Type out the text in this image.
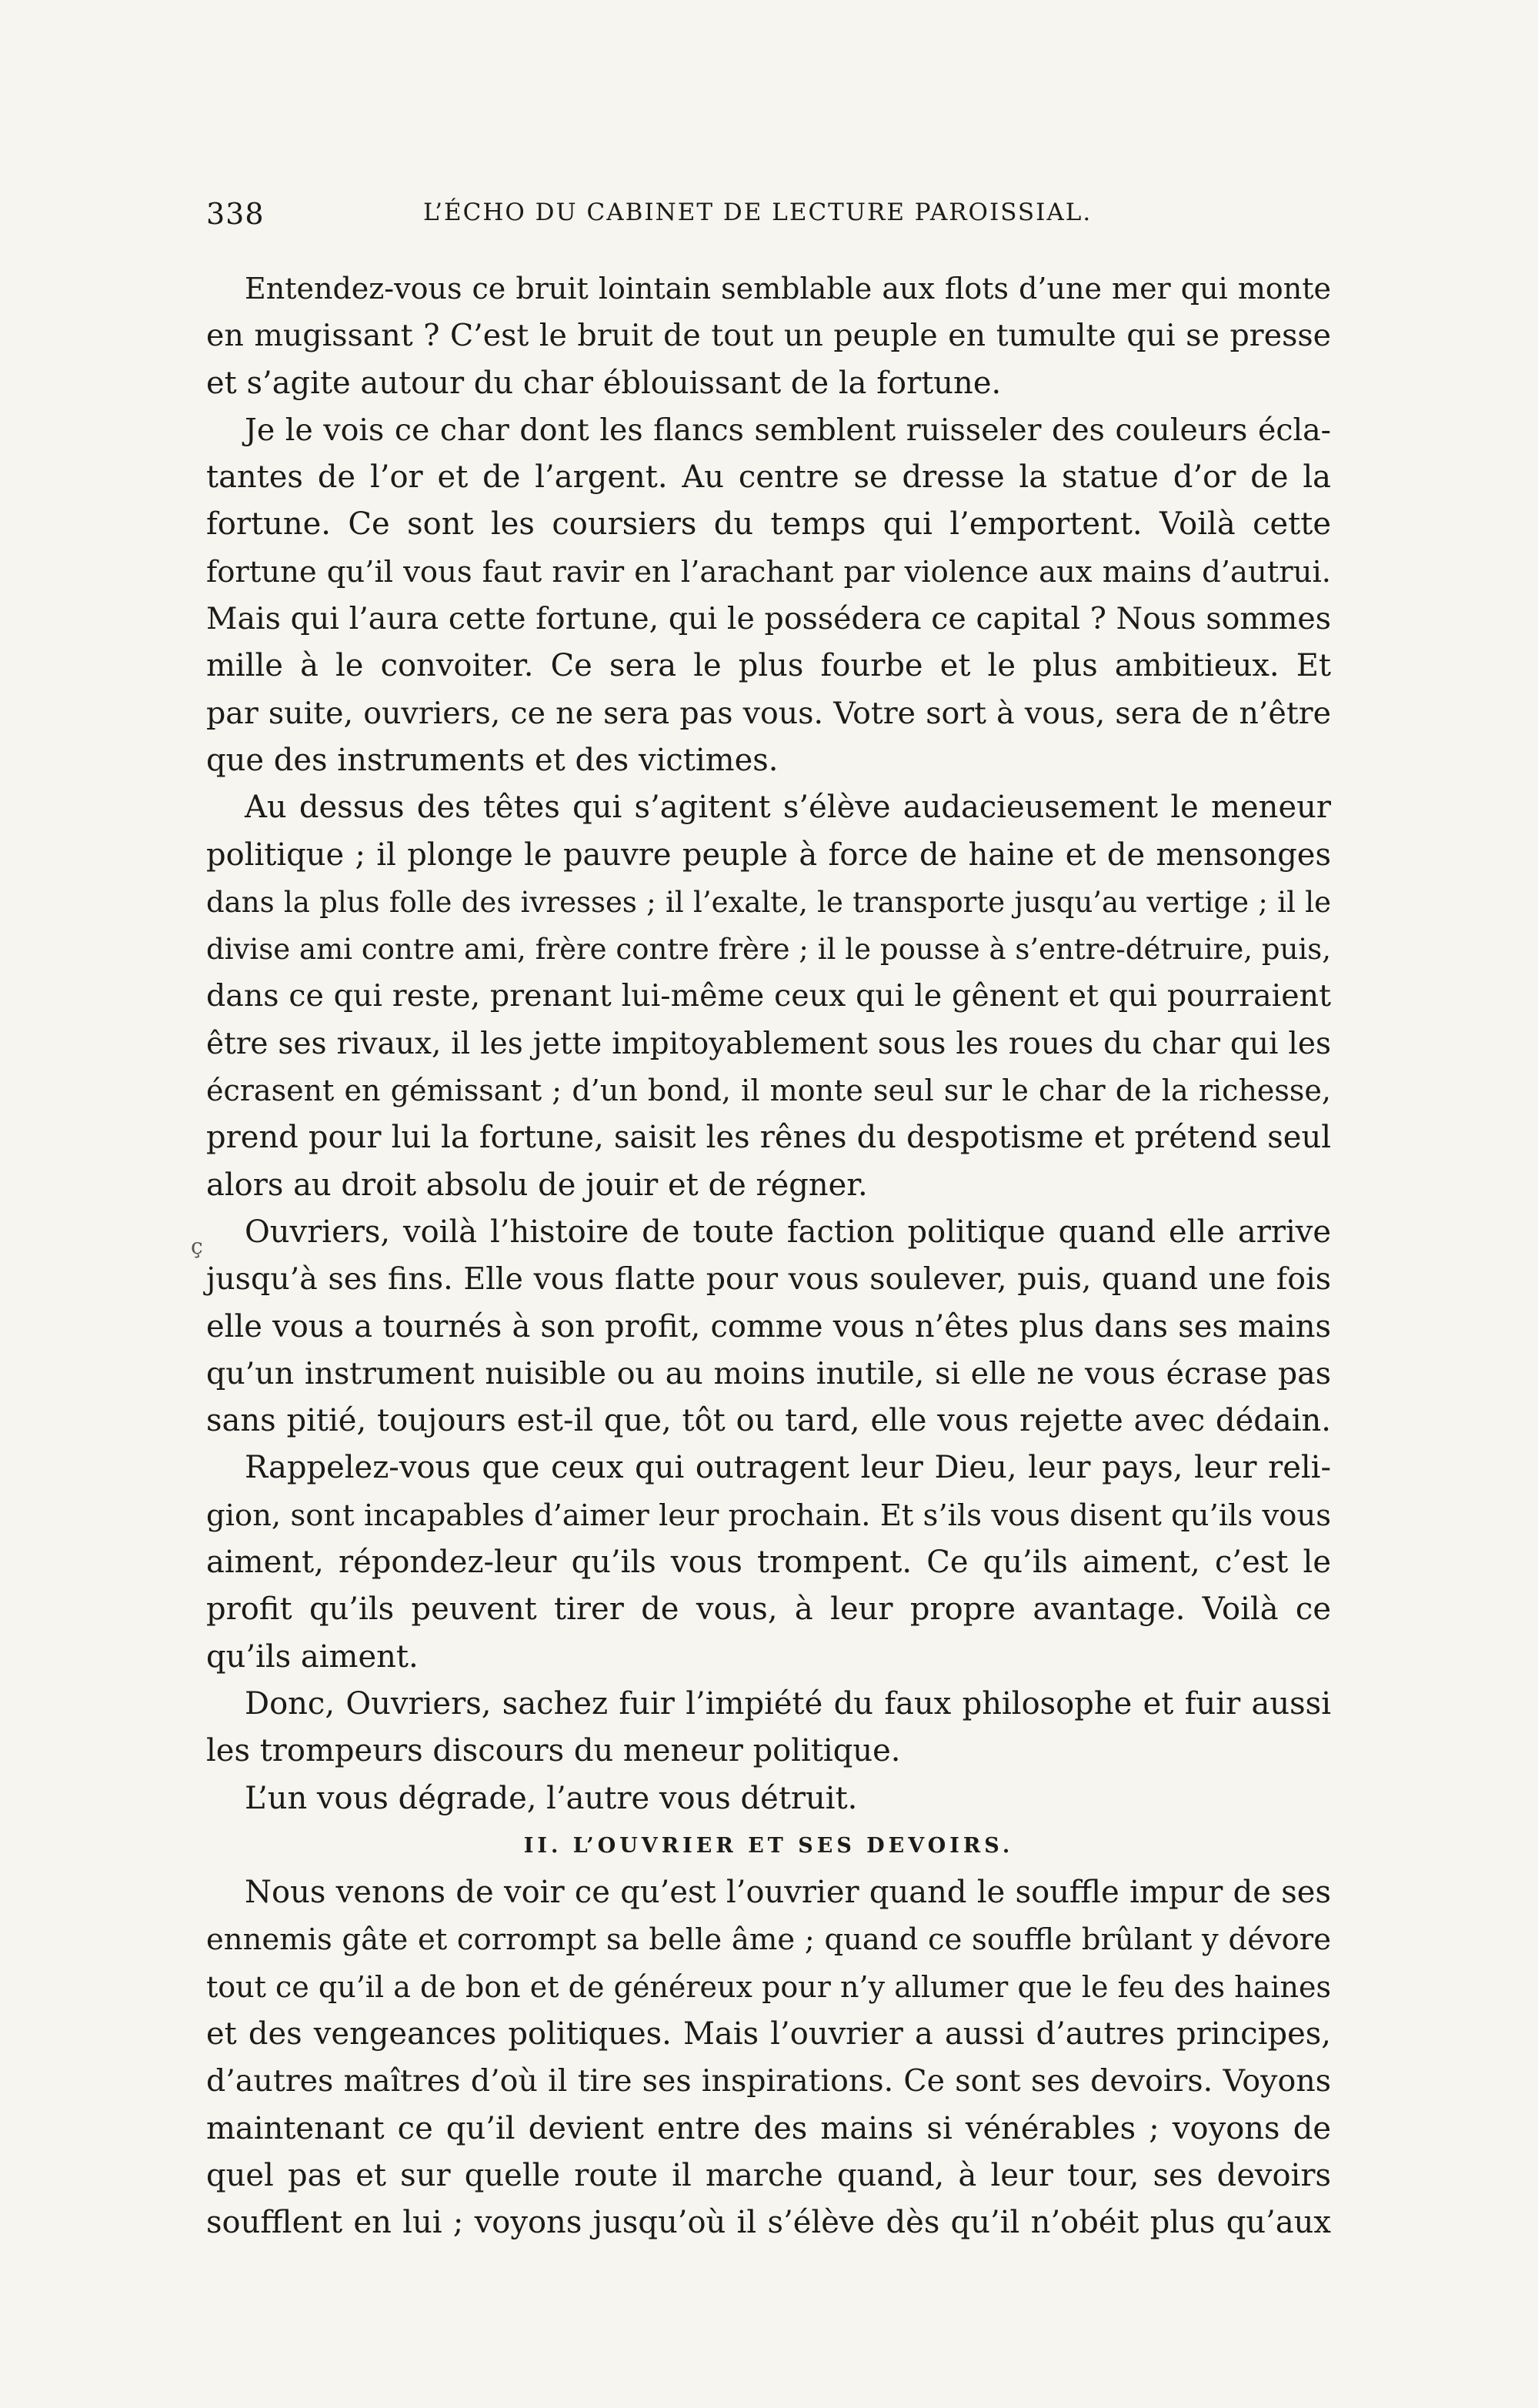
338	L’ÉCHO DU CABINET DE LECTURE PAROISSIAL.
Entendez-vous ce bruit lointain semblable aux flots d’une mer qui monte
en mugissant ? C’est le bruit de tout un peuple en tumulte qui se presse
et s’agite autour du char éblouissant de la fortune.
Je le vois ce char dont les flancs semblent ruisseler des couleurs écla-
tantes de l’or et de l’argent. Au centre se dresse la statue d’or de la
fortune. Ce sont les coursiers du temps qui l’emportent. Voilà cette
fortune qu’il vous faut ravir en l’arachant par violence aux mains d’autrui.
Mais qui l’aura cette fortune, qui le possédera ce capital ? Nous sommes
mille à le convoiter. Ce sera le plus fourbe et le plus ambitieux. Et
par suite, ouvriers, ce ne sera pas vous. Votre sort à vous, sera de n’être
que des instruments et des victimes.
Au dessus des têtes qui s’agitent s’élève audacieusement le meneur
politique ; il plonge le pauvre peuple à force de haine et de mensonges
dans la plus folle des ivresses ; il l’exalte, le transporte jusqu’au vertige ; il le
divise ami contre ami, frère contre frère ; il le pousse à s’entre-détruire, puis,
dans ce qui reste, prenant lui-même ceux qui le gênent et qui pourraient
être ses rivaux, il les jette impitoyablement sous les roues du char qui les
écrasent en gémissant ; d’un bond, il monte seul sur le char de la richesse,
prend pour lui la fortune, saisit les rênes du despotisme et prétend seul
alors au droit absolu de jouir et de régner.
Ouvriers, voilà l’histoire de toute faction politique quand elle arrive
jusqu’à ses fins. Elle vous flatte pour vous soulever, puis, quand une fois
elle vous a tournés à son profit, comme vous n’êtes plus dans ses mains
qu’un instrument nuisible ou au moins inutile, si elle ne vous écrase pas
sans pitié, toujours est-il que, tôt ou tard, elle vous rejette avec dédain.
Rappelez-vous que ceux qui outragent leur Dieu, leur pays, leur reli-
gion, sont incapables d’aimer leur prochain. Et s’ils vous disent qu’ils vous
aiment, répondez-leur qu’ils vous trompent. Ce qu’ils aiment, c’est le
profit qu’ils peuvent tirer de vous, à leur propre avantage. Voilà ce
qu’ils aiment.
Donc, Ouvriers, sachez fuir l’impiété du faux philosophe et fuir aussi
les trompeurs discours du meneur politique.
L’un vous dégrade, l’autre vous détruit.
II. L’OUVRIER ET SES DEVOIRS.
Nous venons de voir ce qu’est l’ouvrier quand le souffle impur de ses
ennemis gâte et corrompt sa belle âme ; quand ce souffle brûlant y dévore
tout ce qu’il a de bon et de généreux pour n’y allumer que le feu des haines
et des vengeances politiques. Mais l’ouvrier a aussi d’autres principes,
d’autres maîtres d’où il tire ses inspirations. Ce sont ses devoirs. Voyons
maintenant ce qu’il devient entre des mains si vénérables ; voyons de
quel pas et sur quelle route il marche quand, à leur tour, ses devoirs
soufflent en lui ; voyons jusqu’où il s’élève dès qu’il n’obéit plus qu’aux
ç
